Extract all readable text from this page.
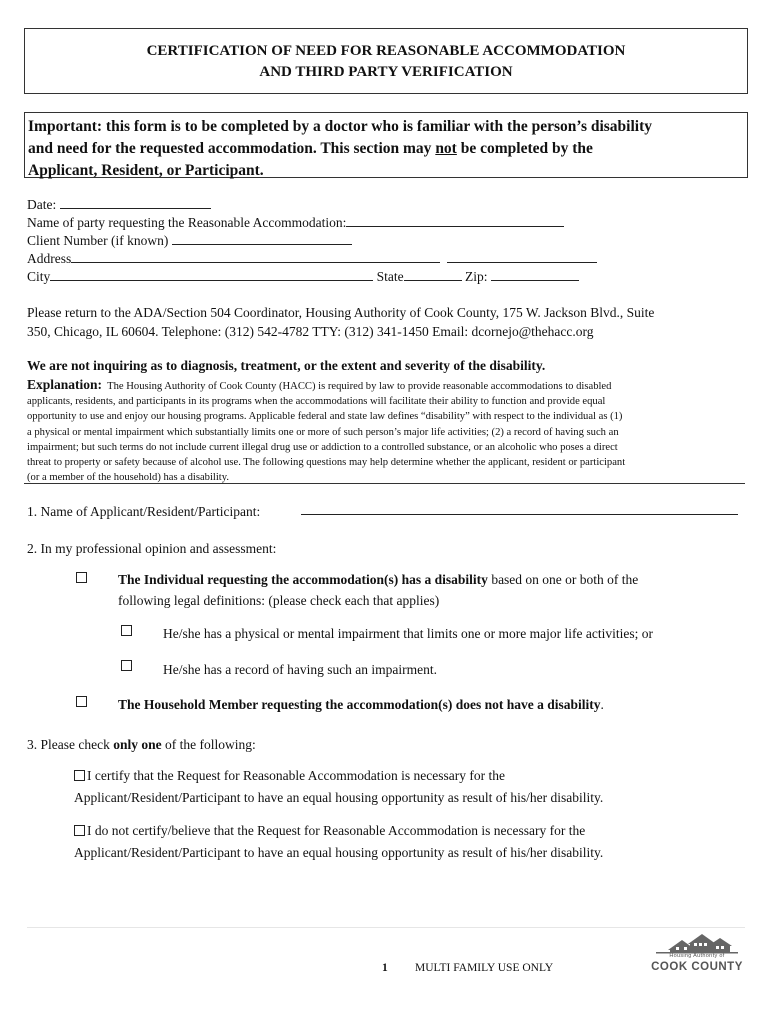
CERTIFICATION OF NEED FOR REASONABLE ACCOMMODATION
AND THIRD PARTY VERIFICATION
Important: this form is to be completed by a doctor who is familiar with the person’s disability
and need for the requested accommodation. This section may not be completed by the
Applicant, Resident, or Participant.
Date:
Name of party requesting the Reasonable Accommodation:
Client Number (if known)
Address
City	State	Zip:
Please return to the ADA/Section 504 Coordinator, Housing Authority of Cook County, 175 W. Jackson Blvd., Suite
350, Chicago, IL 60604. Telephone: (312) 542-4782 TTY: (312) 341-1450 Email: dcornejo@thehacc.org
We are not inquiring as to diagnosis, treatment, or the extent and severity of the disability.
Explanation: The Housing Authority of Cook County (HACC) is required by law to provide reasonable accommodations to disabled
applicants, residents, and participants in its programs when the accommodations will facilitate their ability to function and provide equal
opportunity to use and enjoy our housing programs. Applicable federal and state law defines “disability” with respect to the individual as (1)
a physical or mental impairment which substantially limits one or more of such person’s major life activities; (2) a record of having such an
impairment; but such terms do not include current illegal drug use or addiction to a controlled substance, or an alcoholic who poses a direct
threat to property or safety because of alcohol use. The following questions may help determine whether the applicant, resident or participant
(or a member of the household) has a disability.
1. Name of Applicant/Resident/Participant:
2. In my professional opinion and assessment:
The Individual requesting the accommodation(s) has a disability based on one or both of the
following legal definitions: (please check each that applies)
He/she has a physical or mental impairment that limits one or more major life activities; or
He/she has a record of having such an impairment.
The Household Member requesting the accommodation(s) does not have a disability.
3. Please check only one of the following:
I certify that the Request for Reasonable Accommodation is necessary for the
Applicant/Resident/Participant to have an equal housing opportunity as result of his/her disability.
I do not certify/believe that the Request for Reasonable Accommodation is necessary for the
Applicant/Resident/Participant to have an equal housing opportunity as result of his/her disability.
1 MULTI FAMILY USE ONLY
Housing Authority of
COOK COUNTY
